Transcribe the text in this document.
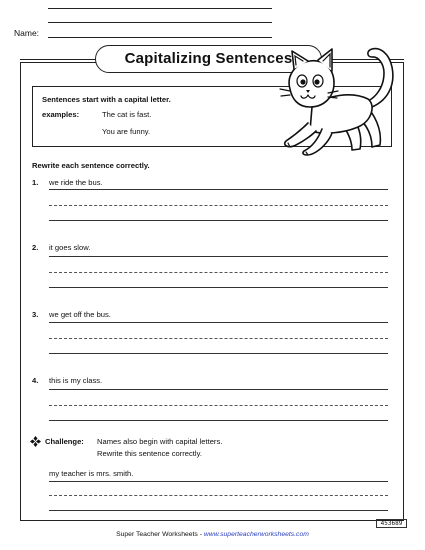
Name:
Capitalizing Sentences
Sentences start with a capital letter.
examples:	The cat is fast.
You are funny.
Rewrite each sentence correctly.
1. we ride the bus.
2. it goes slow.
3. we get off the bus.
4. this is my class.
Challenge: Names also begin with capital letters.
Rewrite this sentence correctly.
my teacher is mrs. smith.
453689
Super Teacher Worksheets - www.superteacherworksheets.com
